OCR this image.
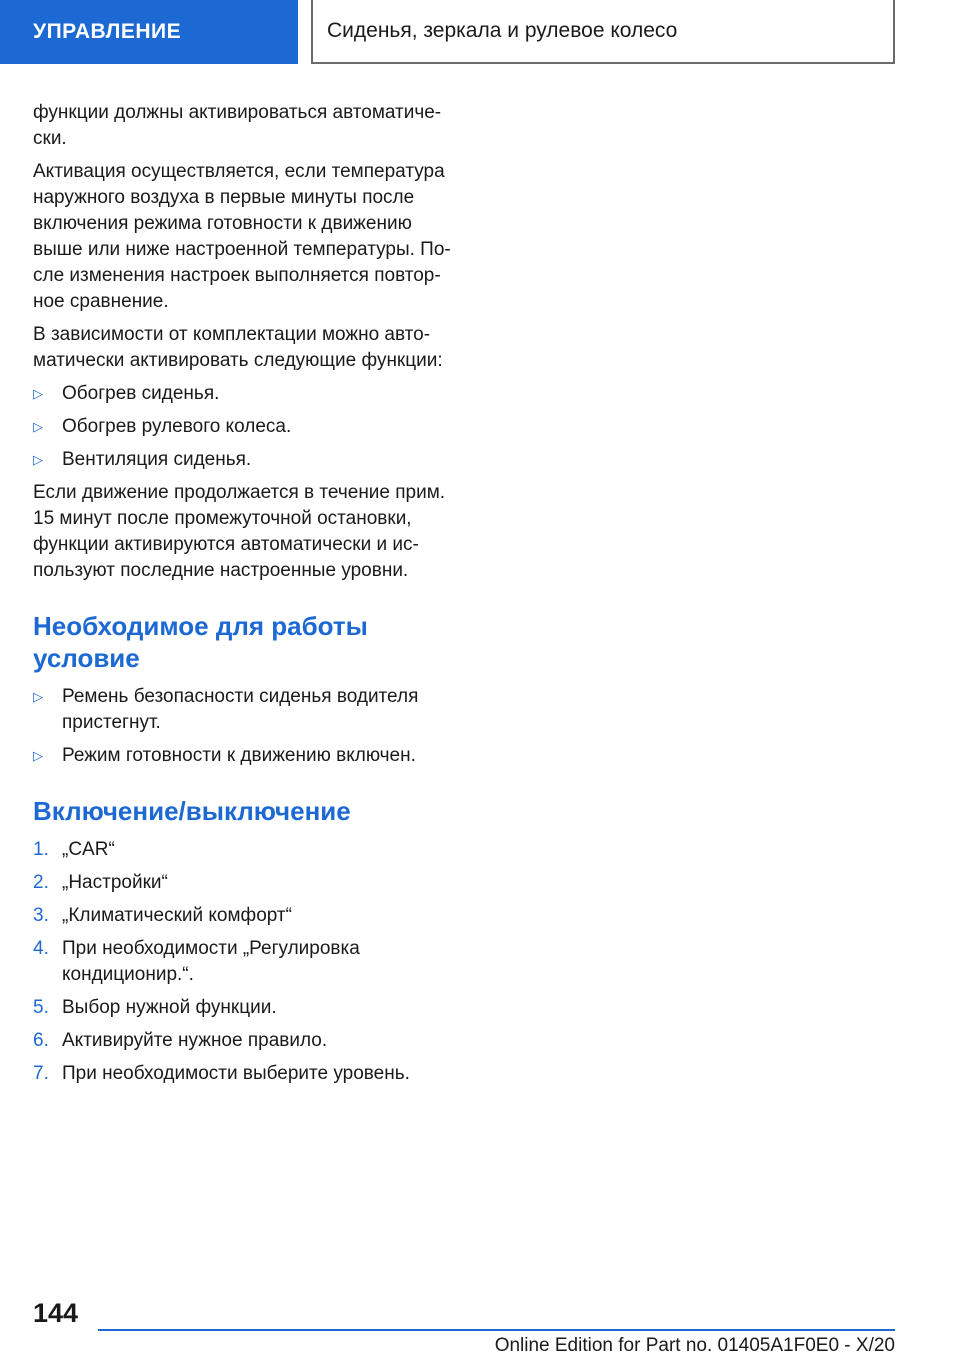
УПРАВЛЕНИЕ	Сиденья, зеркала и рулевое колесо
функции должны активироваться автоматиче-
ски.
Активация осуществляется, если температура
наружного воздуха в первые минуты после
включения режима готовности к движению
выше или ниже настроенной температуры. По-
сле изменения настроек выполняется повтор-
ное сравнение.
В зависимости от комплектации можно авто-
матически активировать следующие функции:
▷ Обогрев сиденья.
▷ Обогрев рулевого колеса.
▷ Вентиляция сиденья.
Если движение продолжается в течение прим.
15 минут после промежуточной остановки,
функции активируются автоматически и ис-
пользуют последние настроенные уровни.
Необходимое для работы
условие
▷ Ремень безопасности сиденья водителя
пристегнут.
▷ Режим готовности к движению включен.
Включение/выключение
1. „CAR“
2. „Настройки“
3. „Климатический комфорт“
4. При необходимости „Регулировка
кондиционир.“.
5. Выбор нужной функции.
6. Активируйте нужное правило.
7. При необходимости выберите уровень.
144
Online Edition for Part no. 01405A1F0E0 - X/20
